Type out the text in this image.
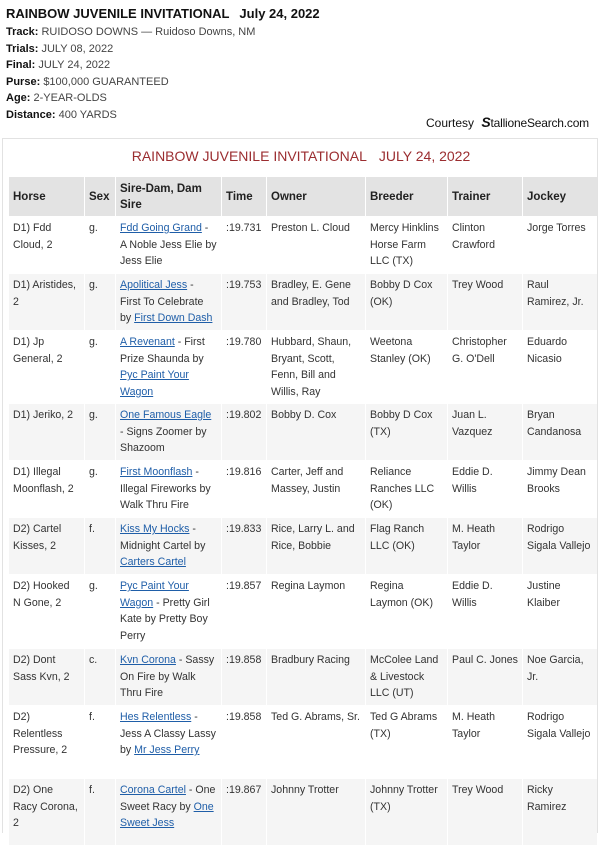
RAINBOW JUVENILE INVITATIONAL July 24, 2022
Track: RUIDOSO DOWNS — Ruidoso Downs, NM
Trials: JULY 08, 2022
Final: JULY 24, 2022
Purse: $100,000 GUARANTEED
Age: 2-YEAR-OLDS
Distance: 400 YARDS
Courtesy StallioneSearch.com
RAINBOW JUVENILE INVITATIONAL JULY 24, 2022
Horse	Sex	Sire-Dam, Dam Sire	Time	Owner	Breeder	Trainer	Jockey
D1) Fdd Cloud, 2	g.	Fdd Going Grand - A Noble Jess Elie by Jess Elie	:19.731	Preston L. Cloud	Mercy Hinklins Horse Farm LLC (TX)	Clinton Crawford	Jorge Torres
D1) Aristides, 2	g.	Apolitical Jess - First To Celebrate by First Down Dash	:19.753	Bradley, E. Gene and Bradley, Tod	Bobby D Cox (OK)	Trey Wood	Raul Ramirez, Jr.
D1) Jp General, 2	g.	A Revenant - First Prize Shaunda by Pyc Paint Your Wagon	:19.780	Hubbard, Shaun, Bryant, Scott, Fenn, Bill and Willis, Ray	Weetona Stanley (OK)	Christopher G. O'Dell	Eduardo Nicasio
D1) Jeriko, 2	g.	One Famous Eagle - Signs Zoomer by Shazoom	:19.802	Bobby D. Cox	Bobby D Cox (TX)	Juan L. Vazquez	Bryan Candanosa
D1) Illegal Moonflash, 2	g.	First Moonflash - Illegal Fireworks by Walk Thru Fire	:19.816	Carter, Jeff and Massey, Justin	Reliance Ranches LLC (OK)	Eddie D. Willis	Jimmy Dean Brooks
D2) Cartel Kisses, 2	f.	Kiss My Hocks - Midnight Cartel by Carters Cartel	:19.833	Rice, Larry L. and Rice, Bobbie	Flag Ranch LLC (OK)	M. Heath Taylor	Rodrigo Sigala Vallejo
D2) Hooked N Gone, 2	g.	Pyc Paint Your Wagon - Pretty Girl Kate by Pretty Boy Perry	:19.857	Regina Laymon	Regina Laymon (OK)	Eddie D. Willis	Justine Klaiber
D2) Dont Sass Kvn, 2	c.	Kvn Corona - Sassy On Fire by Walk Thru Fire	:19.858	Bradbury Racing	McColee Land & Livestock LLC (UT)	Paul C. Jones	Noe Garcia, Jr.
D2) Relentless Pressure, 2	f.	Hes Relentless - Jess A Classy Lassy by Mr Jess Perry	:19.858	Ted G. Abrams, Sr.	Ted G Abrams (TX)	M. Heath Taylor	Rodrigo Sigala Vallejo
D2) One Racy Corona, 2	f.	Corona Cartel - One Sweet Racy by One Sweet Jess	:19.867	Johnny Trotter	Johnny Trotter (TX)	Trey Wood	Ricky Ramirez
